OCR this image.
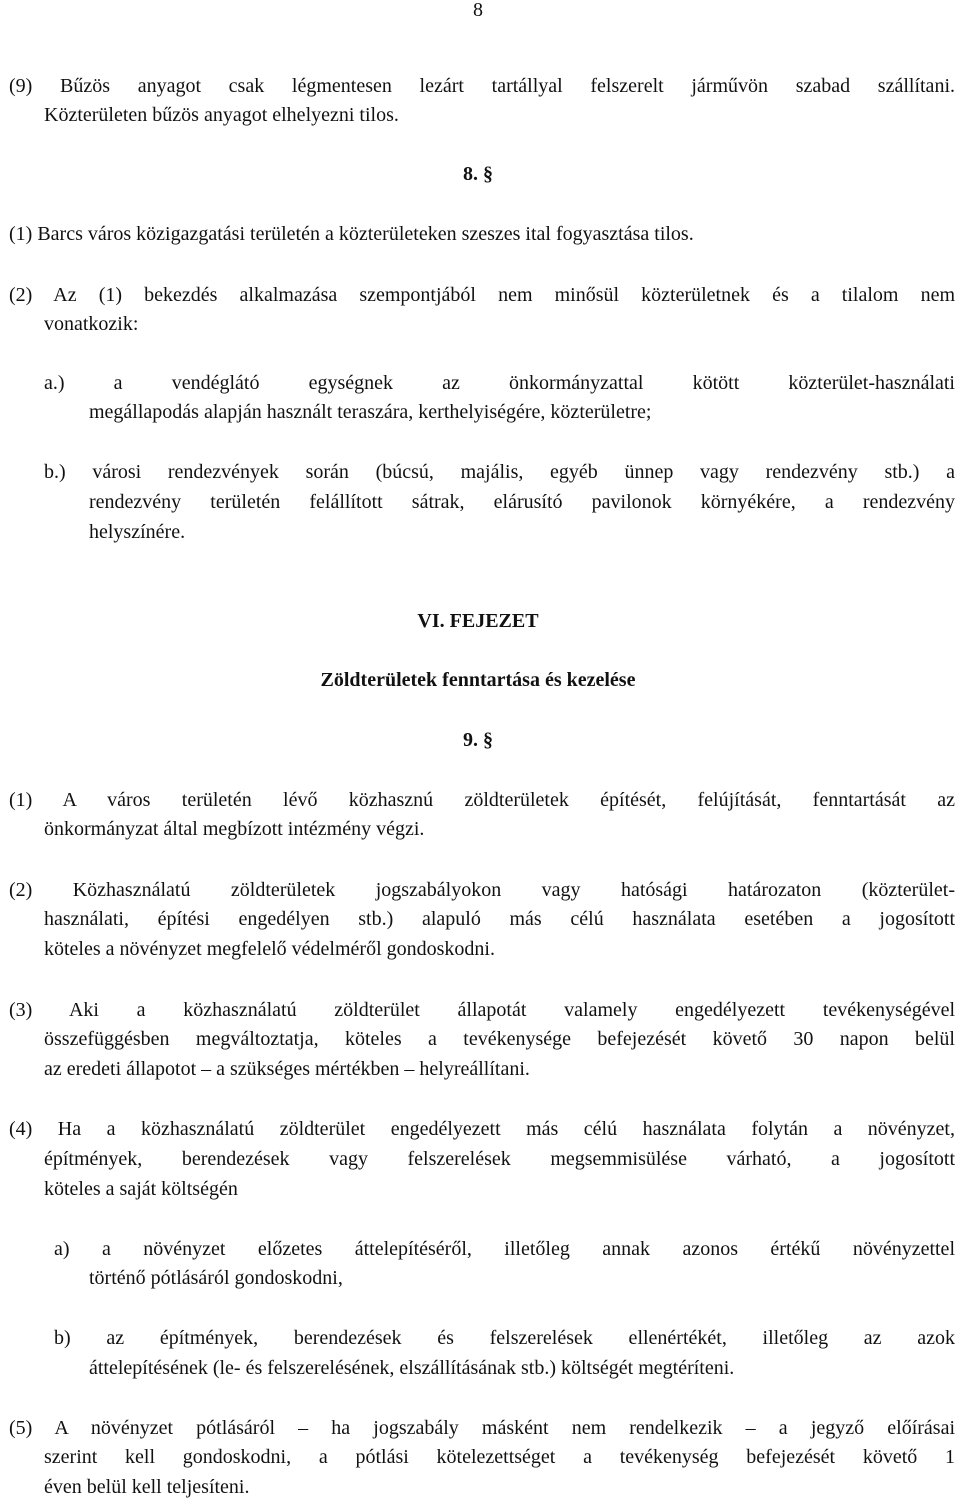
8
(9) Bűzös anyagot csak légmentesen lezárt tartállyal felszerelt járművön szabad szállítani.
Közterületen bűzös anyagot elhelyezni tilos.
8. §
(1) Barcs város közigazgatási területén a közterületeken szeszes ital fogyasztása tilos.
(2) Az (1) bekezdés alkalmazása szempontjából nem minősül közterületnek és a tilalom nem
vonatkozik:
a.) a vendéglátó egységnek az önkormányzattal kötött közterület-használati
megállapodás alapján használt teraszára, kerthelyiségére, közterületre;
b.) városi rendezvények során (búcsú, majális, egyéb ünnep vagy rendezvény stb.) a
rendezvény területén felállított sátrak, elárusító pavilonok környékére, a rendezvény
helyszínére.
VI. FEJEZET
Zöldterületek fenntartása és kezelése
9. §
(1) A város területén lévő közhasznú zöldterületek építését, felújítását, fenntartását az
önkormányzat által megbízott intézmény végzi.
(2) Közhasználatú zöldterületek jogszabályokon vagy hatósági határozaton (közterület-
használati, építési engedélyen stb.) alapuló más célú használata esetében a jogosított
köteles a növényzet megfelelő védelméről gondoskodni.
(3) Aki a közhasználatú zöldterület állapotát valamely engedélyezett tevékenységével
összefüggésben megváltoztatja, köteles a tevékenysége befejezését követő 30 napon belül
az eredeti állapotot – a szükséges mértékben – helyreállítani.
(4) Ha a közhasználatú zöldterület engedélyezett más célú használata folytán a növényzet,
építmények, berendezések vagy felszerelések megsemmisülése várható, a jogosított
köteles a saját költségén
a) a növényzet előzetes áttelepítéséről, illetőleg annak azonos értékű növényzettel
történő pótlásáról gondoskodni,
b) az építmények, berendezések és felszerelések ellenértékét, illetőleg az azok
áttelepítésének (le- és felszerelésének, elszállításának stb.) költségét megtéríteni.
(5) A növényzet pótlásáról – ha jogszabály másként nem rendelkezik – a jegyző előírásai
szerint kell gondoskodni, a pótlási kötelezettséget a tevékenység befejezését követő 1
éven belül kell teljesíteni.
